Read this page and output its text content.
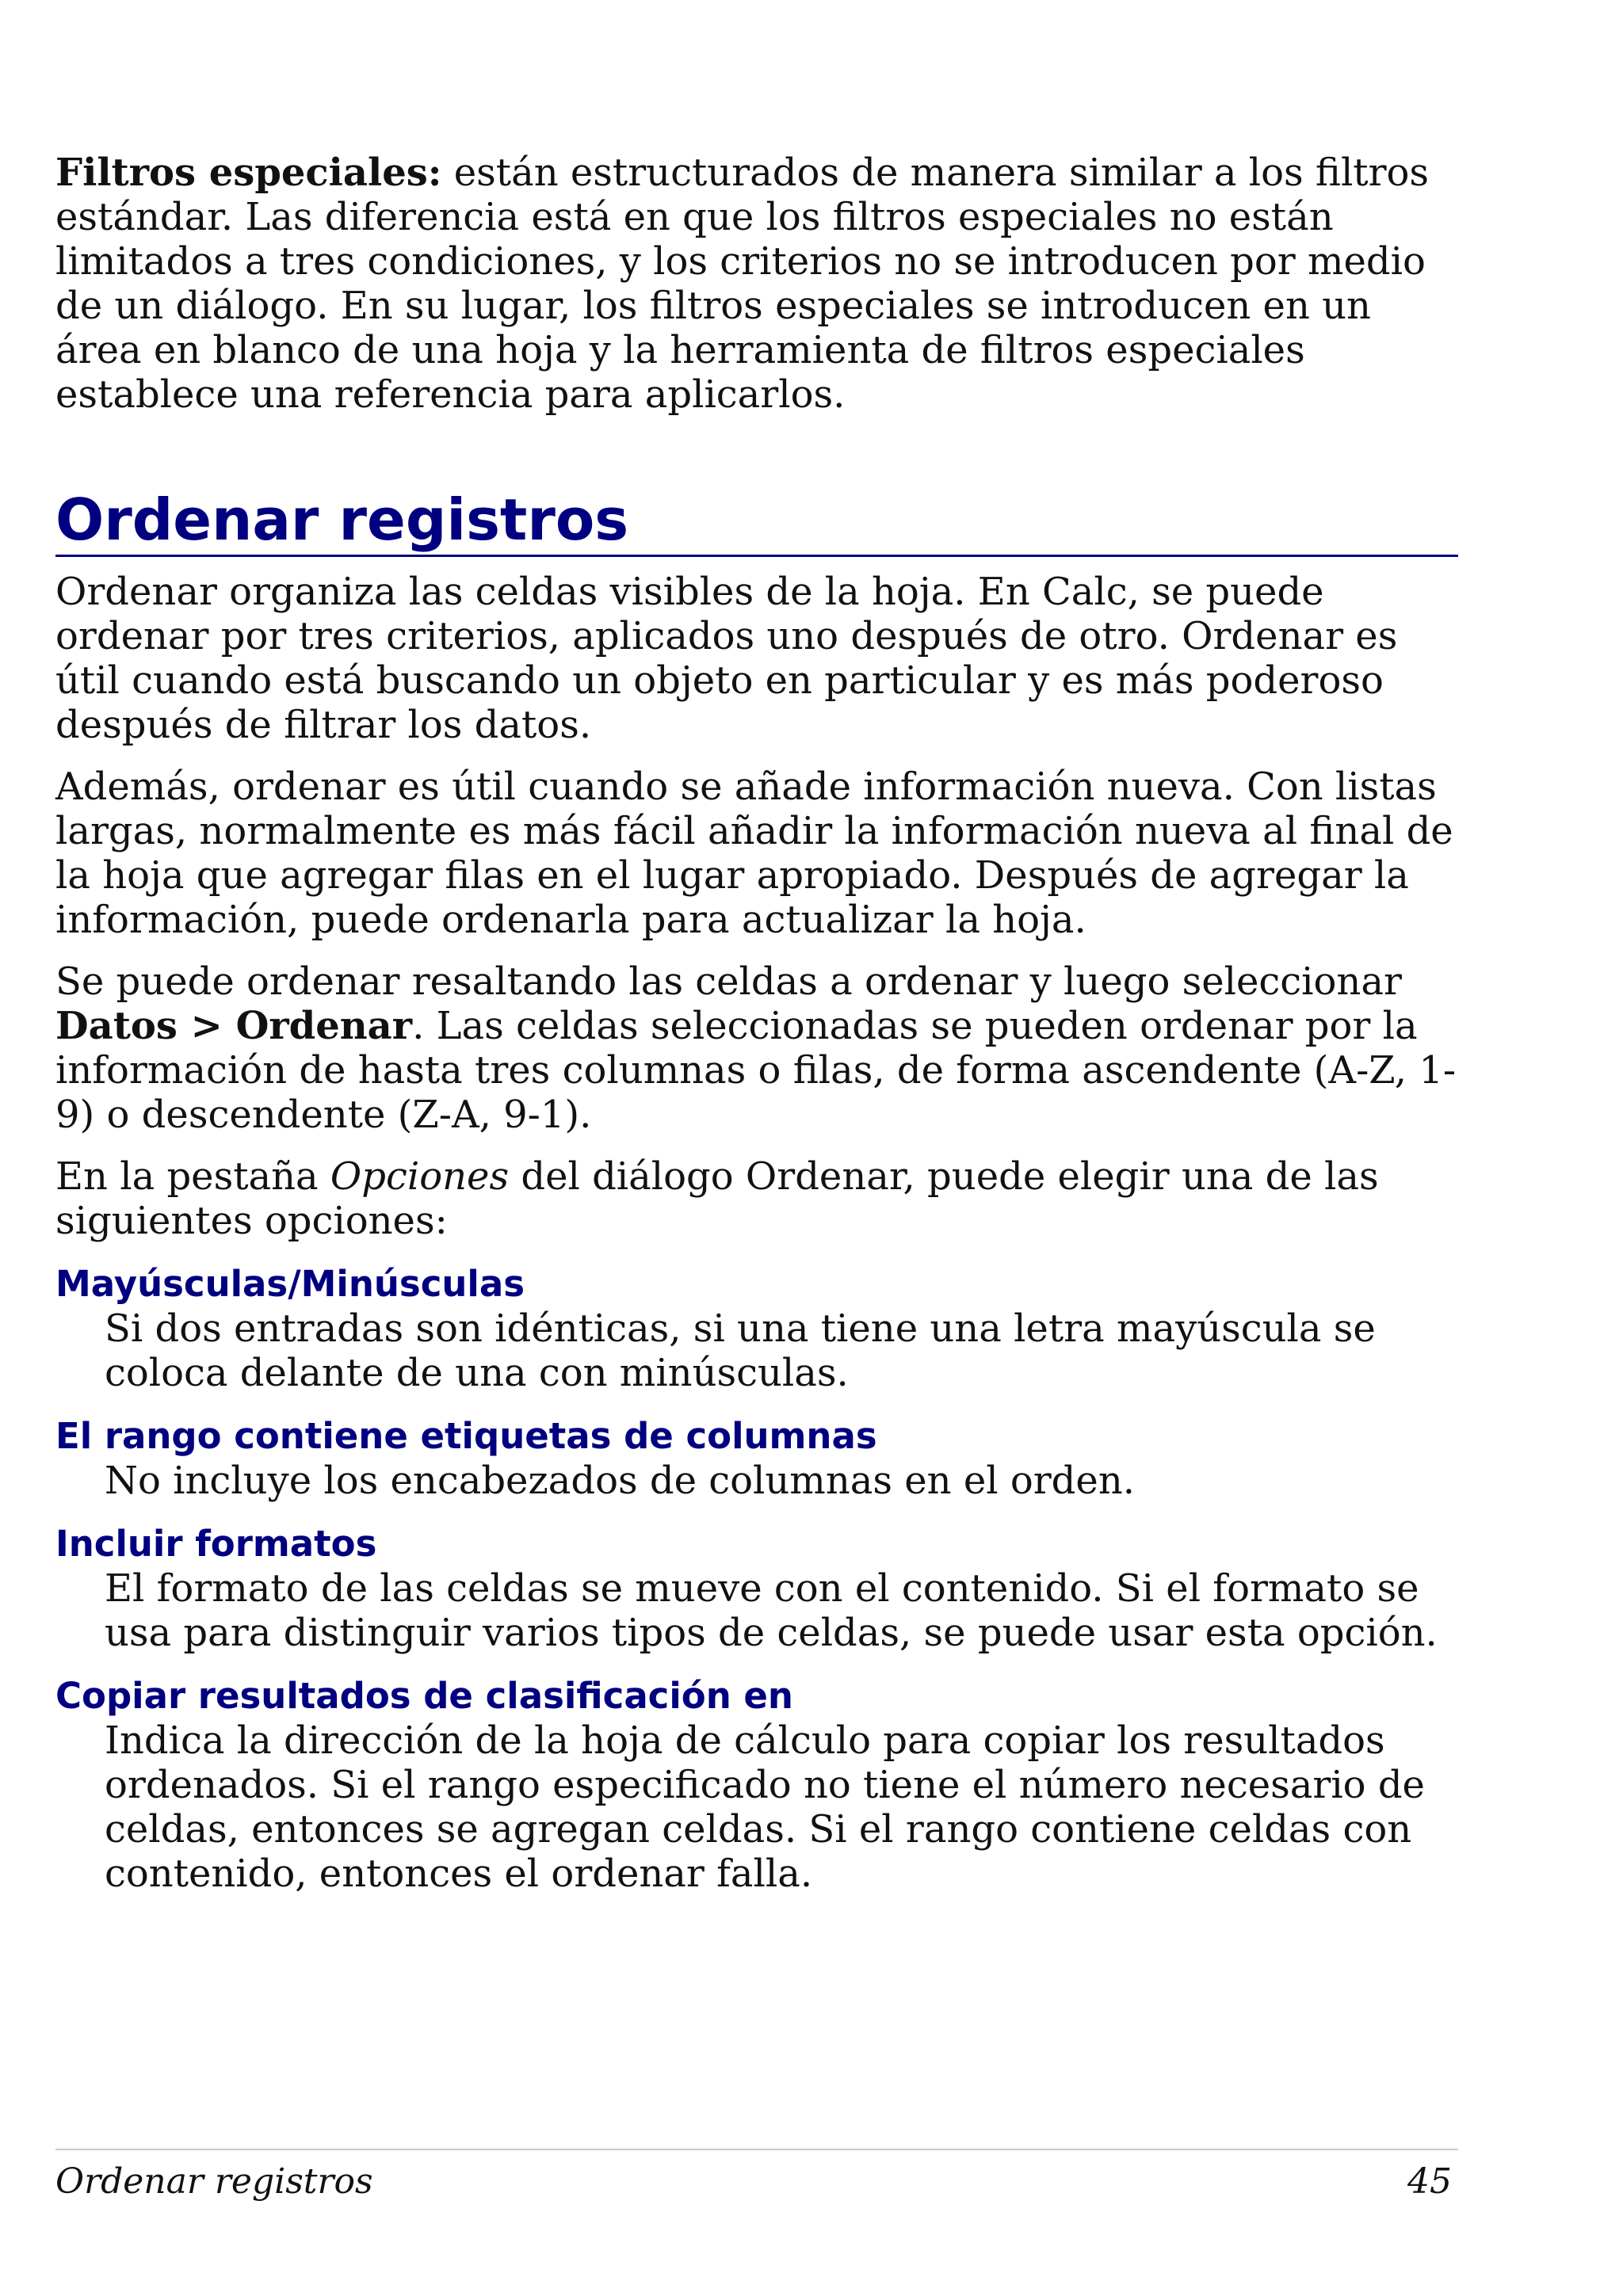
Filtros especiales: están estructurados de manera similar a los filtros estándar. Las diferencia está en que los filtros especiales no están limitados a tres condiciones, y los criterios no se introducen por medio de un diálogo. En su lugar, los filtros especiales se introducen en un área en blanco de una hoja y la herramienta de filtros especiales establece una referencia para aplicarlos.

Ordenar registros

Ordenar organiza las celdas visibles de la hoja. En Calc, se puede ordenar por tres criterios, aplicados uno después de otro. Ordenar es útil cuando está buscando un objeto en particular y es más poderoso después de filtrar los datos.

Además, ordenar es útil cuando se añade información nueva. Con listas largas, normalmente es más fácil añadir la información nueva al final de la hoja que agregar filas en el lugar apropiado. Después de agregar la información, puede ordenarla para actualizar la hoja.

Se puede ordenar resaltando las celdas a ordenar y luego seleccionar Datos > Ordenar. Las celdas seleccionadas se pueden ordenar por la información de hasta tres columnas o filas, de forma ascendente (A-Z, 1-9) o descendente (Z-A, 9-1).

En la pestaña Opciones del diálogo Ordenar, puede elegir una de las siguientes opciones:

Mayúsculas/Minúsculas

Si dos entradas son idénticas, si una tiene una letra mayúscula se coloca delante de una con minúsculas.

El rango contiene etiquetas de columnas

No incluye los encabezados de columnas en el orden.

Incluir formatos

El formato de las celdas se mueve con el contenido. Si el formato se usa para distinguir varios tipos de celdas, se puede usar esta opción.

Copiar resultados de clasificación en

Indica la dirección de la hoja de cálculo para copiar los resultados ordenados. Si el rango especificado no tiene el número necesario de celdas, entonces se agregan celdas. Si el rango contiene celdas con contenido, entonces el ordenar falla.

Ordenar registros	45
